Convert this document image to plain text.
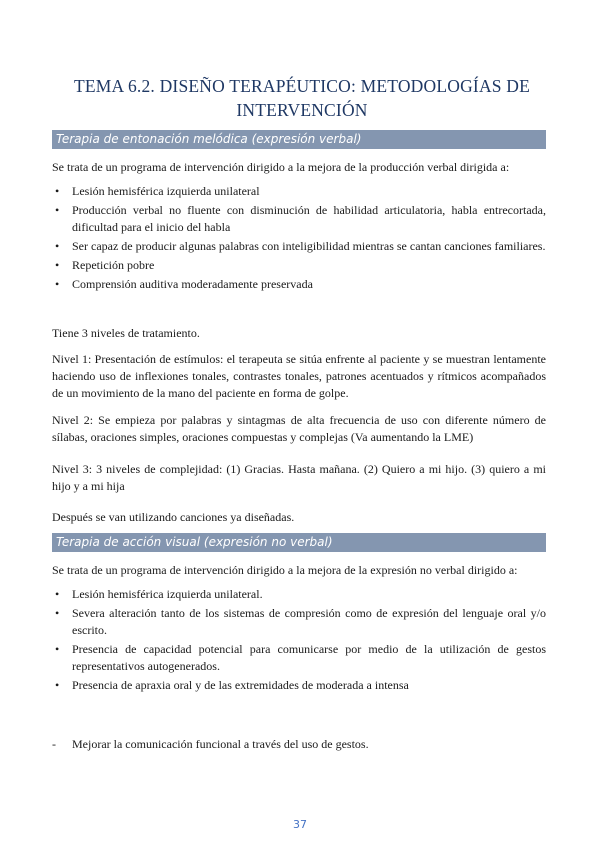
TEMA 6.2. DISEÑO TERAPÉUTICO: METODOLOGÍAS DE INTERVENCIÓN
Terapia de entonación melódica (expresión verbal)

Se trata de un programa de intervención dirigido a la mejora de la producción verbal dirigida a:

• Lesión hemisférica izquierda unilateral
• Producción verbal no fluente con disminución de habilidad articulatoria, habla entrecortada, dificultad para el inicio del habla
• Ser capaz de producir algunas palabras con inteligibilidad mientras se cantan canciones familiares.
• Repetición pobre
• Comprensión auditiva moderadamente preservada

Tiene 3 niveles de tratamiento.

Nivel 1: Presentación de estímulos: el terapeuta se sitúa enfrente al paciente y se muestran lentamente haciendo uso de inflexiones tonales, contrastes tonales, patrones acentuados y rítmicos acompañados de un movimiento de la mano del paciente en forma de golpe.

Nivel 2: Se empieza por palabras y sintagmas de alta frecuencia de uso con diferente número de sílabas, oraciones simples, oraciones compuestas y complejas (Va aumentando la LME)

Nivel 3: 3 niveles de complejidad: (1) Gracias. Hasta mañana. (2) Quiero a mi hijo. (3) quiero a mi hijo y a mi hija

Después se van utilizando canciones ya diseñadas.

Terapia de acción visual (expresión no verbal)

Se trata de un programa de intervención dirigido a la mejora de la expresión no verbal dirigido a:

• Lesión hemisférica izquierda unilateral.
• Severa alteración tanto de los sistemas de compresión como de expresión del lenguaje oral y/o escrito.
• Presencia de capacidad potencial para comunicarse por medio de la utilización de gestos representativos autogenerados.
• Presencia de apraxia oral y de las extremidades de moderada a intensa
- Mejorar la comunicación funcional a través del uso de gestos.
37
